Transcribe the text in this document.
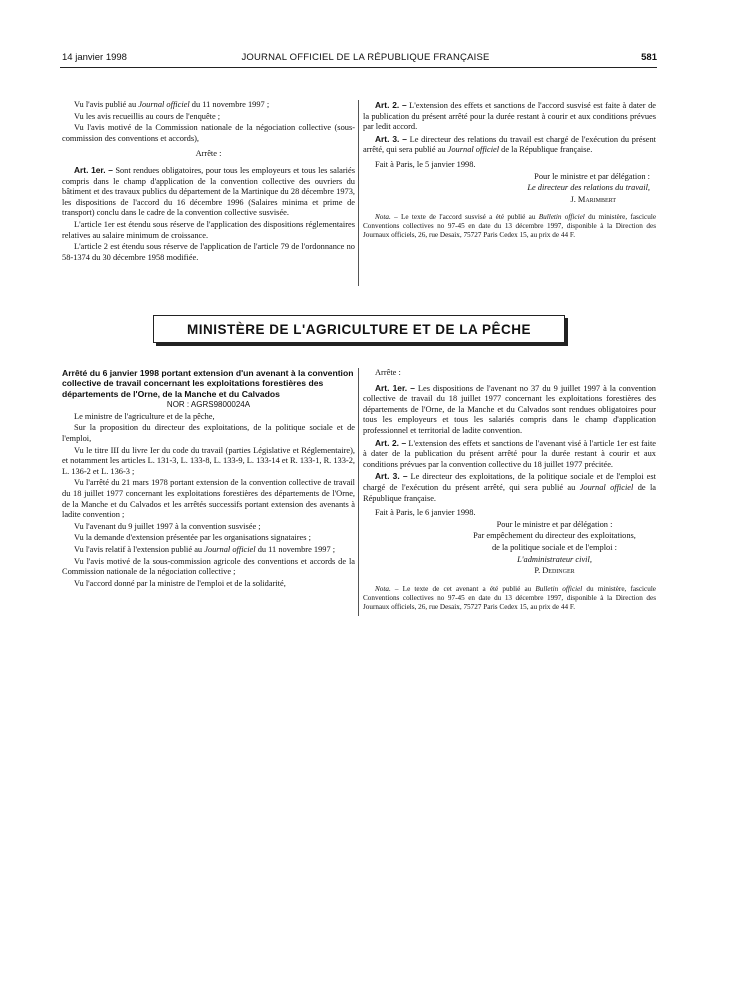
14 janvier 1998	JOURNAL OFFICIEL DE LA RÉPUBLIQUE FRANÇAISE	581

Vu l'avis publié au Journal officiel du 11 novembre 1997 ;

Vu les avis recueillis au cours de l'enquête ;

Vu l'avis motivé de la Commission nationale de la négociation collective (sous-commission des conventions et accords),

Arrête :

Art. 1er. – Sont rendues obligatoires, pour tous les employeurs et tous les salariés compris dans le champ d'application de la convention collective des ouvriers du bâtiment et des travaux publics du département de la Martinique du 28 décembre 1973, les dispositions de l'accord du 16 décembre 1996 (Salaires minima et prime de transport) conclu dans le cadre de la convention collective susvisée.

L'article 1er est étendu sous réserve de l'application des dispositions réglementaires relatives au salaire minimum de croissance.

L'article 2 est étendu sous réserve de l'application de l'article 79 de l'ordonnance no 58-1374 du 30 décembre 1958 modifiée.

Art. 2. – L'extension des effets et sanctions de l'accord susvisé est faite à dater de la publication du présent arrêté pour la durée restant à courir et aux conditions prévues par ledit accord.

Art. 3. – Le directeur des relations du travail est chargé de l'exécution du présent arrêté, qui sera publié au Journal officiel de la République française.

Fait à Paris, le 5 janvier 1998.

Pour le ministre et par délégation :

Le directeur des relations du travail,

J. Marimbert

Nota. – Le texte de l'accord susvisé a été publié au Bulletin officiel du ministère, fascicule Conventions collectives no 97-45 en date du 13 décembre 1997, disponible à la Direction des Journaux officiels, 26, rue Desaix, 75727 Paris Cedex 15, au prix de 44 F.

MINISTÈRE DE L'AGRICULTURE ET DE LA PÊCHE

Arrêté du 6 janvier 1998 portant extension d'un avenant à la convention collective de travail concernant les exploitations forestières des départements de l'Orne, de la Manche et du Calvados

NOR : AGRS9800024A

Le ministre de l'agriculture et de la pêche,

Sur la proposition du directeur des exploitations, de la politique sociale et de l'emploi,

Vu le titre III du livre Ier du code du travail (parties Législative et Réglementaire), et notamment les articles L. 131-3, L. 133-8, L. 133-9, L. 133-14 et R. 133-1, R. 133-2, L. 136-2 et L. 136-3 ;

Vu l'arrêté du 21 mars 1978 portant extension de la convention collective de travail du 18 juillet 1977 concernant les exploitations forestières des départements de l'Orne, de la Manche et du Calvados et les arrêtés successifs portant extension des avenants à ladite convention ;

Vu l'avenant du 9 juillet 1997 à la convention susvisée ;

Vu la demande d'extension présentée par les organisations signataires ;

Vu l'avis relatif à l'extension publié au Journal officiel du 11 novembre 1997 ;

Vu l'avis motivé de la sous-commission agricole des conventions et accords de la Commission nationale de la négociation collective ;

Vu l'accord donné par la ministre de l'emploi et de la solidarité,

Arrête :

Art. 1er. – Les dispositions de l'avenant no 37 du 9 juillet 1997 à la convention collective de travail du 18 juillet 1977 concernant les exploitations forestières des départements de l'Orne, de la Manche et du Calvados sont rendues obligatoires pour tous les employeurs et tous les salariés compris dans le champ d'application professionnel et territorial de ladite convention.

Art. 2. – L'extension des effets et sanctions de l'avenant visé à l'article 1er est faite à dater de la publication du présent arrêté pour la durée restant à courir et aux conditions prévues par la convention collective du 18 juillet 1977 précitée.

Art. 3. – Le directeur des exploitations, de la politique sociale et de l'emploi est chargé de l'exécution du présent arrêté, qui sera publié au Journal officiel de la République française.

Fait à Paris, le 6 janvier 1998.

Pour le ministre et par délégation :

Par empêchement du directeur des exploitations,

de la politique sociale et de l'emploi :

L'administrateur civil,

P. Dedinger

Nota. – Le texte de cet avenant a été publié au Bulletin officiel du ministère, fascicule Conventions collectives no 97-45 en date du 13 décembre 1997, disponible à la Direction des Journaux officiels, 26, rue Desaix, 75727 Paris Cedex 15, au prix de 44 F.
